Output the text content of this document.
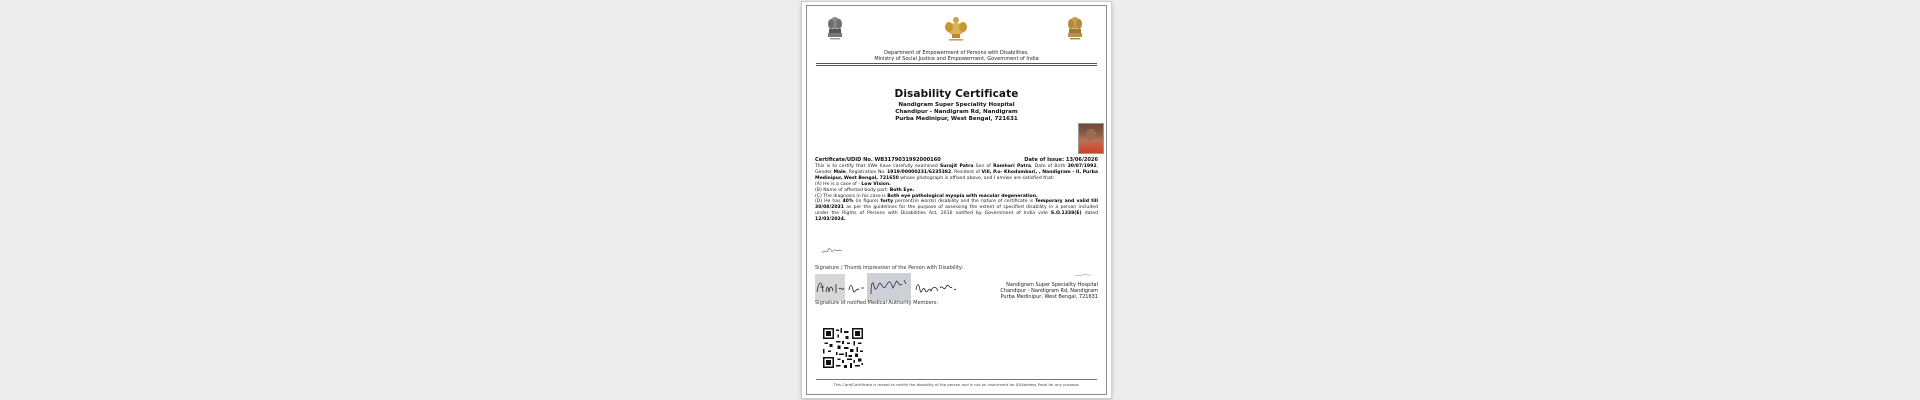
Department of Empowerment of Persons with Disabilities,
Ministry of Social Justice and Empowerment, Government of India
Disability Certificate
Nandigram Super Speciality Hospital
Chandipur - Nandigram Rd, Nandigram
Purba Medinipur, West Bengal, 721631
Certificate/UDID No. WB3179031992000160	Date of Issue: 13/06/2026
This is to certify that I/We have carefully examined Surajit Patra Son of Ramhari Patra, Date of Birth 30/07/1992, Gender Male, Registration No. 1919/00000231/6235382, Resident of Vill, P.o- Khodambari, , Nandigram - II, Purba Medinipur, West Bengal, 721650 whose photograph is affixed above, and I am/we are satisfied that:
(A) He is a case of - Low Vision.
(B) Name of affected body part: Both Eye.
(C) The diagnosis in his case is Both eye pathological myopia with macular degeneration.
(D) He has 40% (in figure) forty percent(in words) disability and the nature of certificate is Temporary and valid till 30/08/2031 as per the guidelines for the purpose of assessing the extent of specified disability in a person included under the Rights of Persons with Disabilities Act, 2016 notified by Government of India vide S.O.1338(E) dated 12/03/2024.
Signature / Thumb impression of the Person with Disability:
Signature of notified Medical Authority Members:
Nandigram Super Speciality Hospital
Chandipur - Nandigram Rd, Nandigram
Purba Medinipur, West Bengal, 721631
This Card/Certificate is meant to certify the disability of the person and is not an instrument for ID/Address Proof for any purpose.
